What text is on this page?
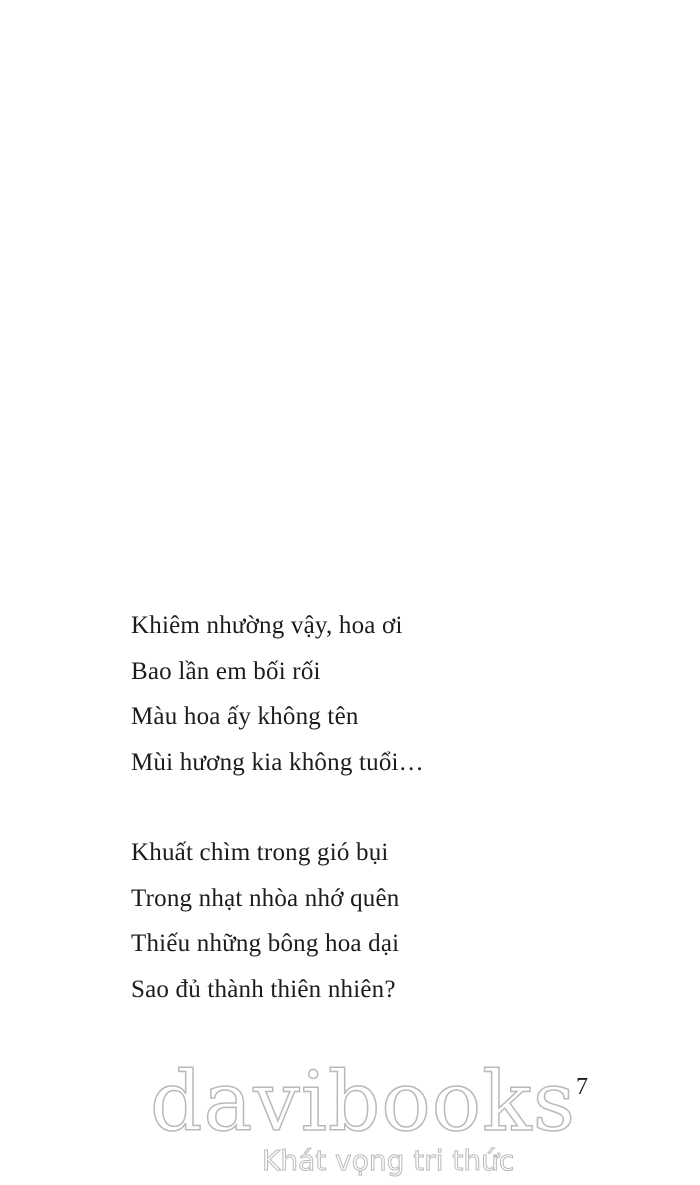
Khiêm nhường vậy, hoa ơi
Bao lần em bối rối
Màu hoa ấy không tên
Mùi hương kia không tuổi…
Khuất chìm trong gió bụi
Trong nhạt nhòa nhớ quên
Thiếu những bông hoa dại
Sao đủ thành thiên nhiên?
davibooks
Khát vọng tri thức
7
